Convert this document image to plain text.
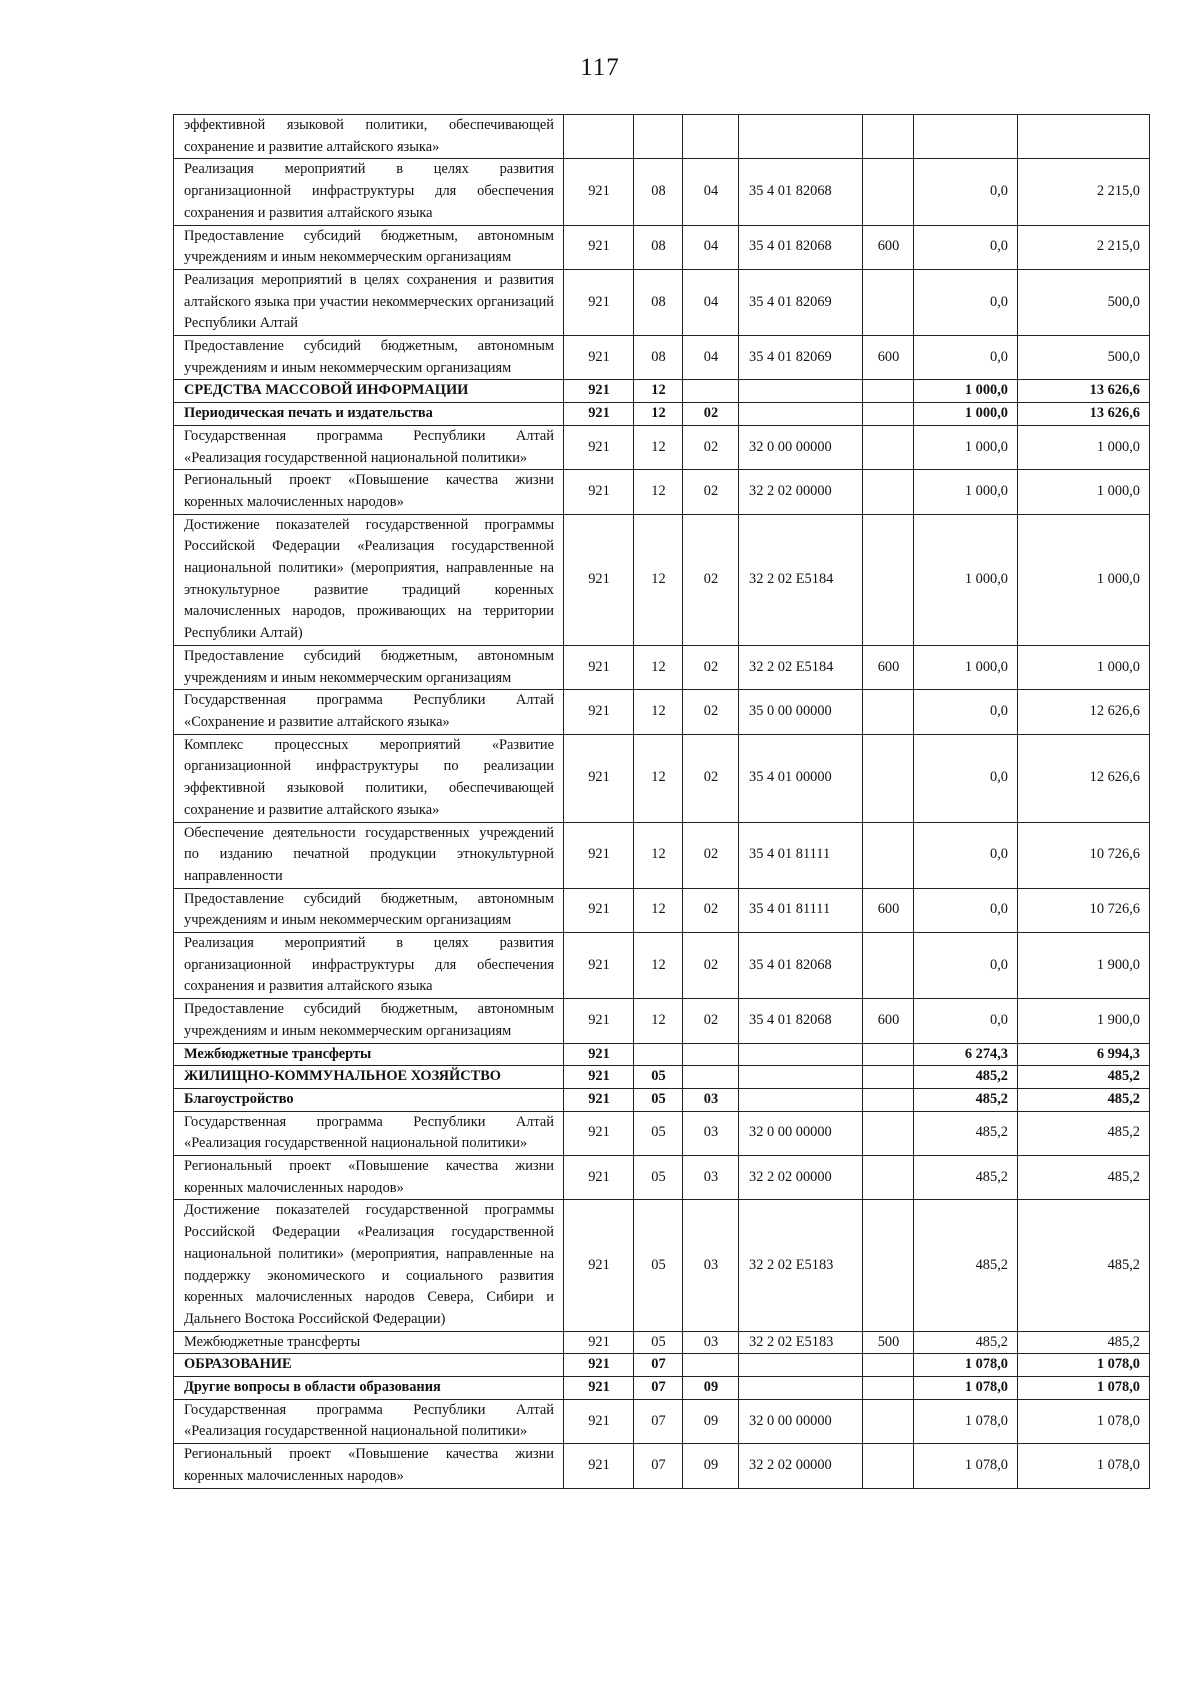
117
эффективной языковой политики, обеспечивающей сохранение и развитие алтайского языка»							
Реализация мероприятий в целях развития организационной инфраструктуры для обеспечения сохранения и развития алтайского языка	921	08	04	35 4 01 82068		0,0	2 215,0
Предоставление субсидий бюджетным, автономным учреждениям и иным некоммерческим организациям	921	08	04	35 4 01 82068	600	0,0	2 215,0
Реализация мероприятий в целях сохранения и развития алтайского языка при участии некоммерческих организаций Республики Алтай	921	08	04	35 4 01 82069		0,0	500,0
Предоставление субсидий бюджетным, автономным учреждениям и иным некоммерческим организациям	921	08	04	35 4 01 82069	600	0,0	500,0
СРЕДСТВА МАССОВОЙ ИНФОРМАЦИИ	921	12				1 000,0	13 626,6
Периодическая печать и издательства	921	12	02			1 000,0	13 626,6
Государственная программа Республики Алтай «Реализация государственной национальной политики»	921	12	02	32 0 00 00000		1 000,0	1 000,0
Региональный проект «Повышение качества жизни коренных малочисленных народов»	921	12	02	32 2 02 00000		1 000,0	1 000,0
Достижение показателей государственной программы Российской Федерации «Реализация государственной национальной политики» (мероприятия, направленные на этнокультурное развитие традиций коренных малочисленных народов, проживающих на территории Республики Алтай)	921	12	02	32 2 02 E5184		1 000,0	1 000,0
Предоставление субсидий бюджетным, автономным учреждениям и иным некоммерческим организациям	921	12	02	32 2 02 E5184	600	1 000,0	1 000,0
Государственная программа Республики Алтай «Сохранение и развитие алтайского языка»	921	12	02	35 0 00 00000		0,0	12 626,6
Комплекс процессных мероприятий «Развитие организационной инфраструктуры по реализации эффективной языковой политики, обеспечивающей сохранение и развитие алтайского языка»	921	12	02	35 4 01 00000		0,0	12 626,6
Обеспечение деятельности государственных учреждений по изданию печатной продукции этнокультурной направленности	921	12	02	35 4 01 81111		0,0	10 726,6
Предоставление субсидий бюджетным, автономным учреждениям и иным некоммерческим организациям	921	12	02	35 4 01 81111	600	0,0	10 726,6
Реализация мероприятий в целях развития организационной инфраструктуры для обеспечения сохранения и развития алтайского языка	921	12	02	35 4 01 82068		0,0	1 900,0
Предоставление субсидий бюджетным, автономным учреждениям и иным некоммерческим организациям	921	12	02	35 4 01 82068	600	0,0	1 900,0
Межбюджетные трансферты	921					6 274,3	6 994,3
ЖИЛИЩНО-КОММУНАЛЬНОЕ ХОЗЯЙСТВО	921	05				485,2	485,2
Благоустройство	921	05	03			485,2	485,2
Государственная программа Республики Алтай «Реализация государственной национальной политики»	921	05	03	32 0 00 00000		485,2	485,2
Региональный проект «Повышение качества жизни коренных малочисленных народов»	921	05	03	32 2 02 00000		485,2	485,2
Достижение показателей государственной программы Российской Федерации «Реализация государственной национальной политики» (мероприятия, направленные на поддержку экономического и социального развития коренных малочисленных народов Севера, Сибири и Дальнего Востока Российской Федерации)	921	05	03	32 2 02 E5183		485,2	485,2
Межбюджетные трансферты	921	05	03	32 2 02 E5183	500	485,2	485,2
ОБРАЗОВАНИЕ	921	07				1 078,0	1 078,0
Другие вопросы в области образования	921	07	09			1 078,0	1 078,0
Государственная программа Республики Алтай «Реализация государственной национальной политики»	921	07	09	32 0 00 00000		1 078,0	1 078,0
Региональный проект «Повышение качества жизни коренных малочисленных народов»	921	07	09	32 2 02 00000		1 078,0	1 078,0
